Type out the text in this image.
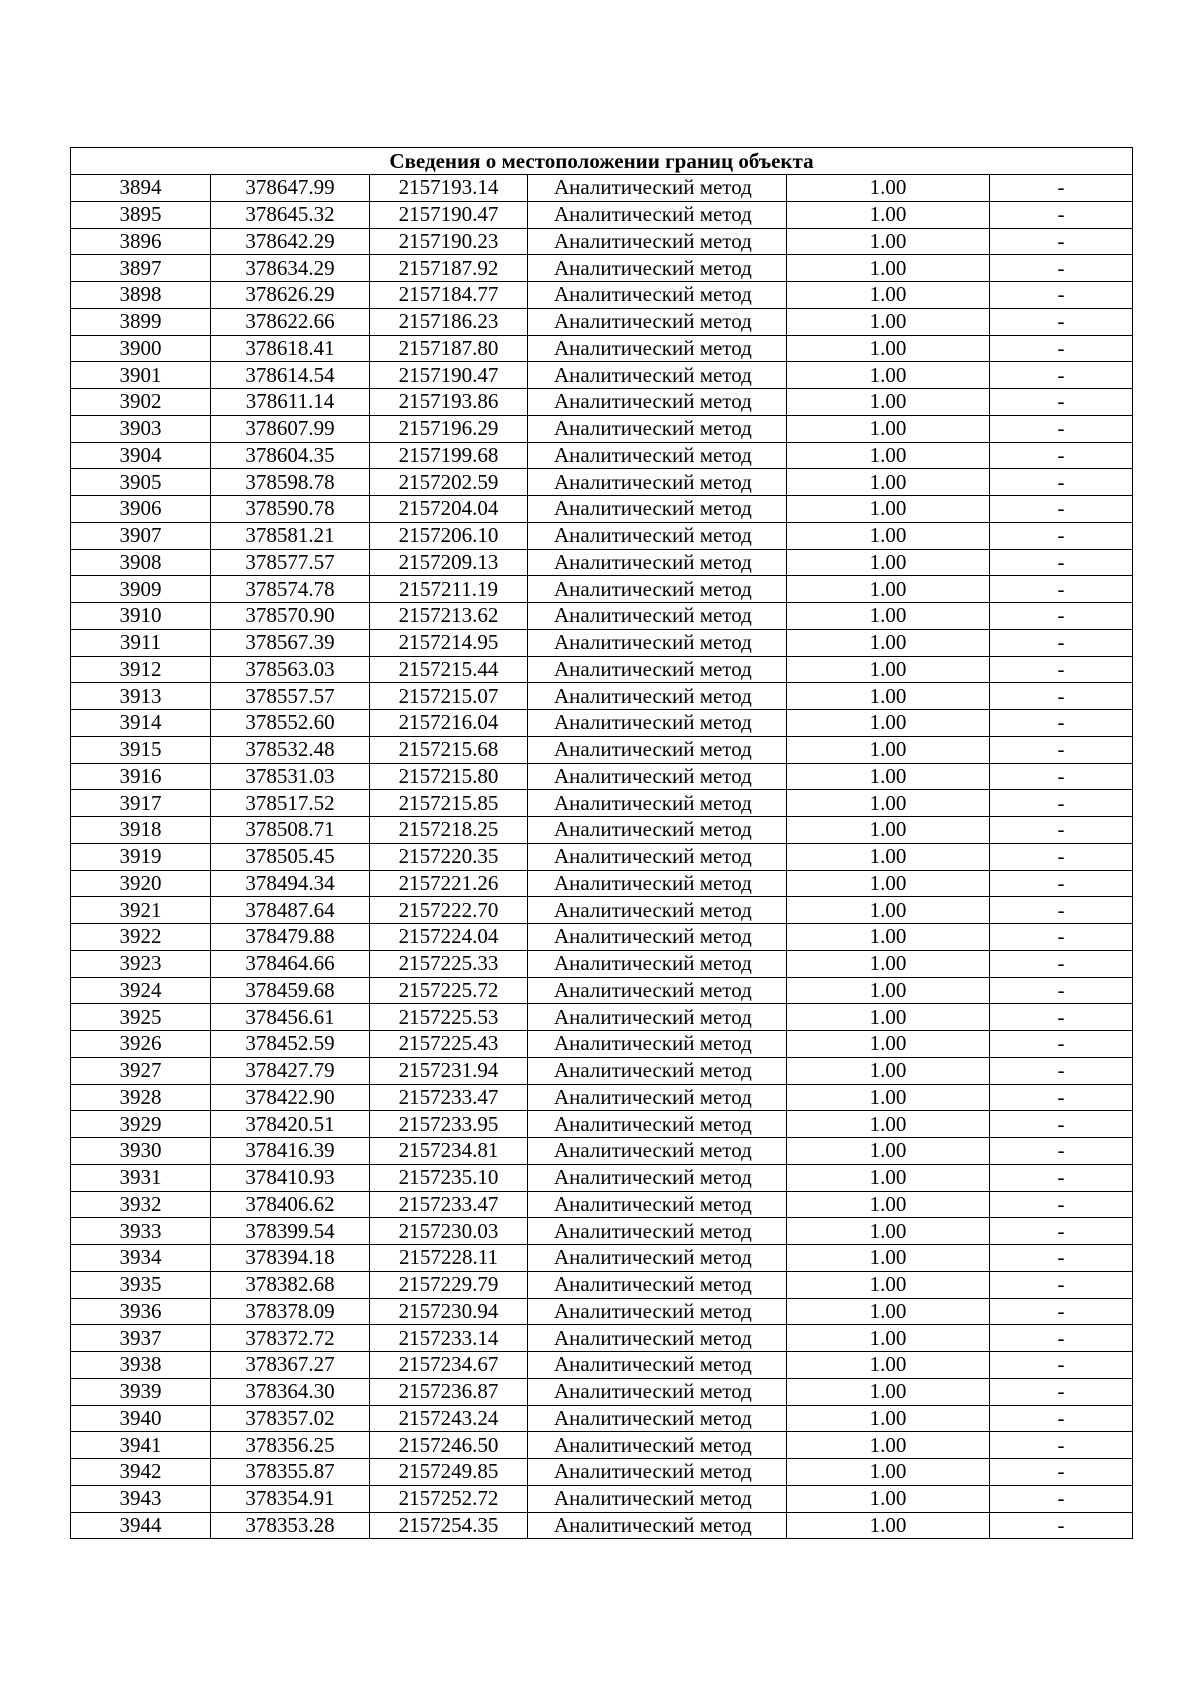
Сведения о местоположении границ объекта					
3894	378647.99	2157193.14	Аналитический метод	1.00	-
3895	378645.32	2157190.47	Аналитический метод	1.00	-
3896	378642.29	2157190.23	Аналитический метод	1.00	-
3897	378634.29	2157187.92	Аналитический метод	1.00	-
3898	378626.29	2157184.77	Аналитический метод	1.00	-
3899	378622.66	2157186.23	Аналитический метод	1.00	-
3900	378618.41	2157187.80	Аналитический метод	1.00	-
3901	378614.54	2157190.47	Аналитический метод	1.00	-
3902	378611.14	2157193.86	Аналитический метод	1.00	-
3903	378607.99	2157196.29	Аналитический метод	1.00	-
3904	378604.35	2157199.68	Аналитический метод	1.00	-
3905	378598.78	2157202.59	Аналитический метод	1.00	-
3906	378590.78	2157204.04	Аналитический метод	1.00	-
3907	378581.21	2157206.10	Аналитический метод	1.00	-
3908	378577.57	2157209.13	Аналитический метод	1.00	-
3909	378574.78	2157211.19	Аналитический метод	1.00	-
3910	378570.90	2157213.62	Аналитический метод	1.00	-
3911	378567.39	2157214.95	Аналитический метод	1.00	-
3912	378563.03	2157215.44	Аналитический метод	1.00	-
3913	378557.57	2157215.07	Аналитический метод	1.00	-
3914	378552.60	2157216.04	Аналитический метод	1.00	-
3915	378532.48	2157215.68	Аналитический метод	1.00	-
3916	378531.03	2157215.80	Аналитический метод	1.00	-
3917	378517.52	2157215.85	Аналитический метод	1.00	-
3918	378508.71	2157218.25	Аналитический метод	1.00	-
3919	378505.45	2157220.35	Аналитический метод	1.00	-
3920	378494.34	2157221.26	Аналитический метод	1.00	-
3921	378487.64	2157222.70	Аналитический метод	1.00	-
3922	378479.88	2157224.04	Аналитический метод	1.00	-
3923	378464.66	2157225.33	Аналитический метод	1.00	-
3924	378459.68	2157225.72	Аналитический метод	1.00	-
3925	378456.61	2157225.53	Аналитический метод	1.00	-
3926	378452.59	2157225.43	Аналитический метод	1.00	-
3927	378427.79	2157231.94	Аналитический метод	1.00	-
3928	378422.90	2157233.47	Аналитический метод	1.00	-
3929	378420.51	2157233.95	Аналитический метод	1.00	-
3930	378416.39	2157234.81	Аналитический метод	1.00	-
3931	378410.93	2157235.10	Аналитический метод	1.00	-
3932	378406.62	2157233.47	Аналитический метод	1.00	-
3933	378399.54	2157230.03	Аналитический метод	1.00	-
3934	378394.18	2157228.11	Аналитический метод	1.00	-
3935	378382.68	2157229.79	Аналитический метод	1.00	-
3936	378378.09	2157230.94	Аналитический метод	1.00	-
3937	378372.72	2157233.14	Аналитический метод	1.00	-
3938	378367.27	2157234.67	Аналитический метод	1.00	-
3939	378364.30	2157236.87	Аналитический метод	1.00	-
3940	378357.02	2157243.24	Аналитический метод	1.00	-
3941	378356.25	2157246.50	Аналитический метод	1.00	-
3942	378355.87	2157249.85	Аналитический метод	1.00	-
3943	378354.91	2157252.72	Аналитический метод	1.00	-
3944	378353.28	2157254.35	Аналитический метод	1.00	-
